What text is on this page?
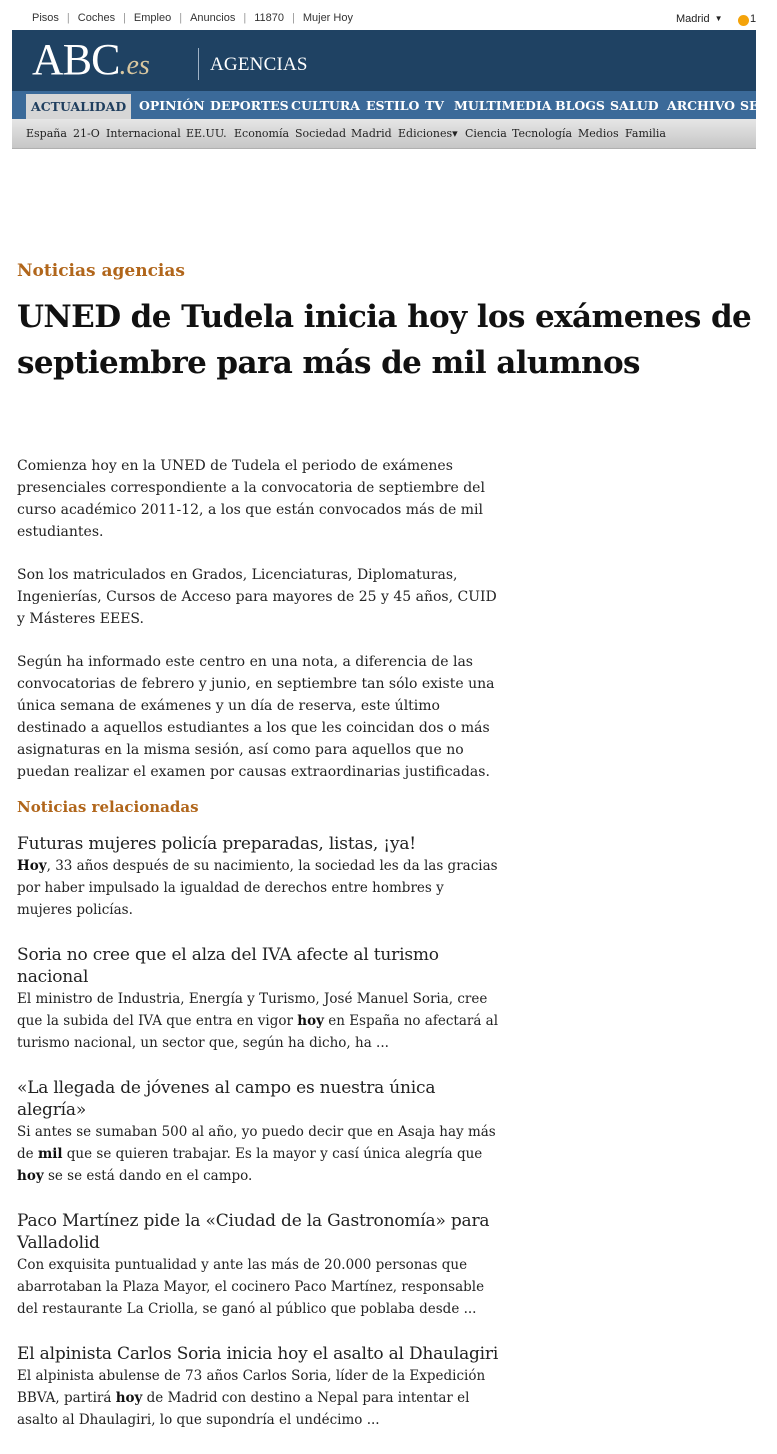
Pisos | Coches | Empleo | Anuncios | 11870 | Mujer Hoy	Madrid ▼ 1
ABC.es	AGENCIAS
ACTUALIDAD	OPINIÓN DEPORTES CULTURA ESTILO TV MULTIMEDIA BLOGS SALUD ARCHIVO SE
España 21-O Internacional EE.UU. Economía Sociedad Madrid Ediciones▾ Ciencia Tecnología Medios Familia
Noticias agencias
UNED de Tudela inicia hoy los exámenes de
septiembre para más de mil alumnos

Comienza hoy en la UNED de Tudela el periodo de exámenes presenciales correspondiente a la convocatoria de septiembre del curso académico 2011-12, a los que están convocados más de mil estudiantes.

Son los matriculados en Grados, Licenciaturas, Diplomaturas, Ingenierías, Cursos de Acceso para mayores de 25 y 45 años, CUID y Másteres EEES.

Según ha informado este centro en una nota, a diferencia de las convocatorias de febrero y junio, en septiembre tan sólo existe una única semana de exámenes y un día de reserva, este último destinado a aquellos estudiantes a los que les coincidan dos o más asignaturas en la misma sesión, así como para aquellos que no puedan realizar el examen por causas extraordinarias justificadas.

Noticias relacionadas
Futuras mujeres policía preparadas, listas, ¡ya!
Hoy, 33 años después de su nacimiento, la sociedad les da las gracias por haber impulsado la igualdad de derechos entre hombres y mujeres policías.
Soria no cree que el alza del IVA afecte al turismo nacional
El ministro de Industria, Energía y Turismo, José Manuel Soria, cree que la subida del IVA que entra en vigor hoy en España no afectará al turismo nacional, un sector que, según ha dicho, ha ...
«La llegada de jóvenes al campo es nuestra única alegría»
Si antes se sumaban 500 al año, yo puedo decir que en Asaja hay más de mil que se quieren trabajar. Es la mayor y casí única alegría que hoy se se está dando en el campo.
Paco Martínez pide la «Ciudad de la Gastronomía» para Valladolid
Con exquisita puntualidad y ante las más de 20.000 personas que abarrotaban la Plaza Mayor, el cocinero Paco Martínez, responsable del restaurante La Criolla, se ganó al público que poblaba desde ...
El alpinista Carlos Soria inicia hoy el asalto al Dhaulagiri
El alpinista abulense de 73 años Carlos Soria, líder de la Expedición BBVA, partirá hoy de Madrid con destino a Nepal para intentar el asalto al Dhaulagiri, lo que supondría el undécimo ...
